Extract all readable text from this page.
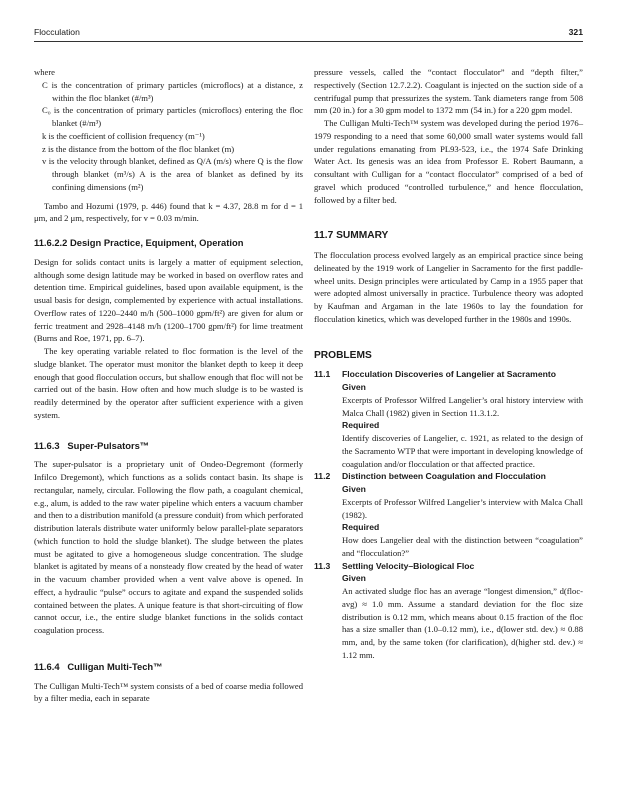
Flocculation	321

where

C is the concentration of primary particles (microflocs) at a distance, z within the floc blanket (#/m³)

C₀ is the concentration of primary particles (microflocs) entering the floc blanket (#/m³)

k is the coefficient of collision frequency (m⁻¹)

z is the distance from the bottom of the floc blanket (m)

v is the velocity through blanket, defined as Q/A (m/s) where Q is the flow through blanket (m³/s) A is the area of blanket as defined by its confining dimensions (m²)

Tambo and Hozumi (1979, p. 446) found that k = 4.37, 28.8 m for d = 1 μm, and 2 μm, respectively, for v = 0.03 m/min.

11.6.2.2 Design Practice, Equipment, Operation

Design for solids contact units is largely a matter of equipment selection, although some design latitude may be worked in based on overflow rates and detention time. Empirical guidelines, based upon available equipment, is the usual basis for design, complemented by experience with actual installations. Overflow rates of 1220–2440 m/h (500–1000 gpm/ft²) are given for alum or ferric treatment and 2928–4148 m/h (1200–1700 gpm/ft²) for lime treatment (Burns and Roe, 1971, pp. 6–7).

The key operating variable related to floc formation is the level of the sludge blanket. The operator must monitor the blanket depth to keep it deep enough that good flocculation occurs, but shallow enough that floc will not be carried out of the basin. How often and how much sludge is to be wasted is readily determined by the operator after sufficient experience with a given system.

11.6.3 Super-Pulsators™

The super-pulsator is a proprietary unit of Ondeo-Degremont (formerly Infilco Dregemont), which functions as a solids contact basin. Its shape is rectangular, namely, circular. Following the flow path, a coagulant chemical, e.g., alum, is added to the raw water pipeline which enters a vacuum chamber and then to a distribution manifold (a pressure conduit) from which perforated distribution laterals distribute water uniformly below parallel-plate separators (which function to hold the sludge blanket). The sludge between the plates must be agitated to give a homogeneous sludge concentration. The sludge blanket is agitated by means of a nonsteady flow created by the head of water in the vacuum chamber provided when a vent valve above is opened. In effect, a hydraulic “pulse” occurs to agitate and expand the suspended solids contained between the plates. A unique feature is that short-circuiting of flow cannot occur, i.e., the entire sludge blanket functions in the solids contact coagulation process.

11.6.4 Culligan Multi-Tech™

The Culligan Multi-Tech™ system consists of a bed of coarse media followed by a filter media, each in separate

pressure vessels, called the “contact flocculator” and “depth filter,” respectively (Section 12.7.2.2). Coagulant is injected on the suction side of a centrifugal pump that pressurizes the system. Tank diameters range from 508 mm (20 in.) for a 30 gpm model to 1372 mm (54 in.) for a 220 gpm model.

The Culligan Multi-Tech™ system was developed during the period 1976–1979 responding to a need that some 60,000 small water systems would fall under regulations emanating from PL93-523, i.e., the 1974 Safe Drinking Water Act. Its genesis was an idea from Professor E. Robert Baumann, a consultant with Culligan for a “contact flocculator” comprised of a bed of gravel which produced “controlled turbulence,” and hence flocculation, followed by a filter bed.

11.7 SUMMARY

The flocculation process evolved largely as an empirical practice since being delineated by the 1919 work of Langelier in Sacramento for the first paddle-wheel units. Design principles were articulated by Camp in a 1955 paper that were adopted almost universally in practice. Turbulence theory was adopted by Kaufman and Argaman in the late 1960s to lay the foundation for flocculation kinetics, which was developed further in the 1980s and 1990s.

PROBLEMS

11.1 Flocculation Discoveries of Langelier at Sacramento

Given

Excerpts of Professor Wilfred Langelier’s oral history interview with Malca Chall (1982) given in Section 11.3.1.2.

Required

Identify discoveries of Langelier, c. 1921, as related to the design of the Sacramento WTP that were important in developing knowledge of coagulation and/or flocculation or that affected practice.

11.2 Distinction between Coagulation and Flocculation

Given

Excerpts of Professor Wilfred Langelier’s interview with Malca Chall (1982).

Required

How does Langelier deal with the distinction between “coagulation” and “flocculation?”

11.3 Settling Velocity–Biological Floc

Given

An activated sludge floc has an average “longest dimension,” d(floc-avg) ≈ 1.0 mm. Assume a standard deviation for the floc size distribution is 0.12 mm, which means about 0.15 fraction of the floc has a size smaller than (1.0–0.12 mm), i.e., d(lower std. dev.) ≈ 0.88 mm, and, by the same token (for clarification), d(higher std. dev.) ≈ 1.12 mm.
